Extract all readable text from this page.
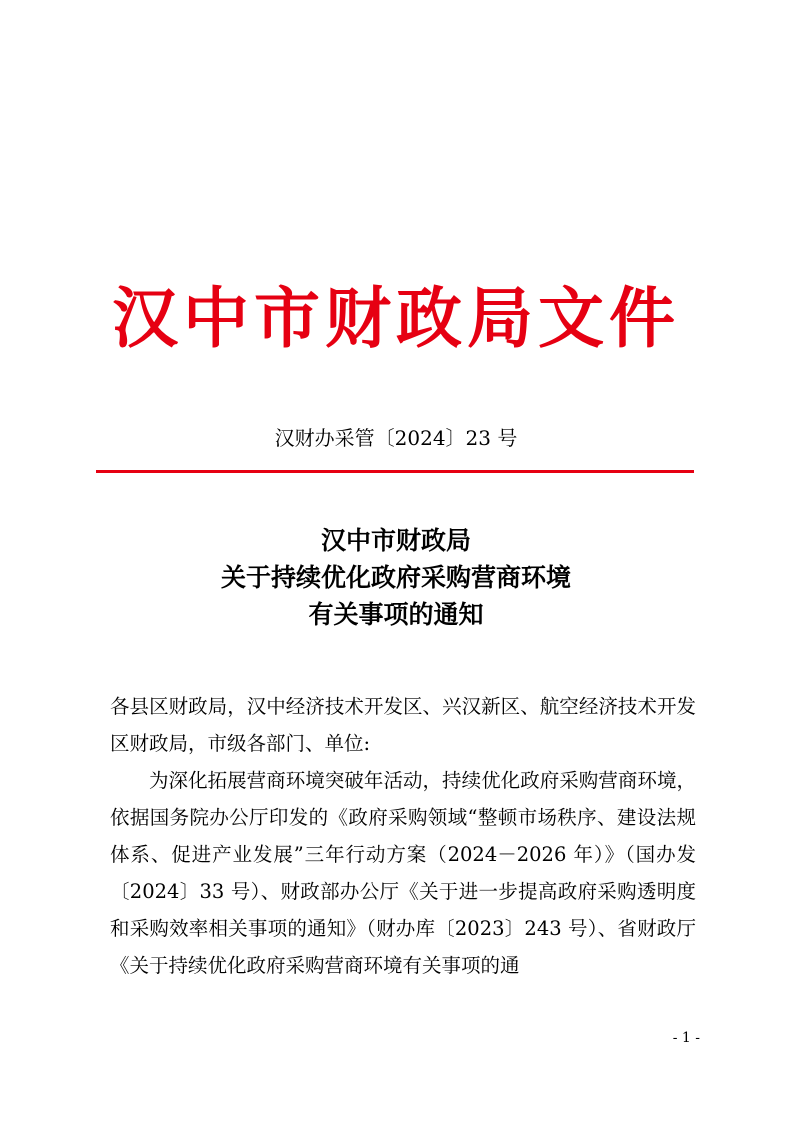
汉中市财政局文件
汉财办采管〔2024〕23 号
汉中市财政局
关于持续优化政府采购营商环境
有关事项的通知

各县区财政局，汉中经济技术开发区、兴汉新区、航空经济技术开发区财政局，市级各部门、单位:

为深化拓展营商环境突破年活动，持续优化政府采购营商环境，依据国务院办公厅印发的《政府采购领域“整顿市场秩序、建设法规体系、促进产业发展”三年行动方案（2024－2026 年）》（国办发〔2024〕33 号）、财政部办公厅《关于进一步提高政府采购透明度和采购效率相关事项的通知》（财办库〔2023〕243 号）、省财政厅《关于持续优化政府采购营商环境有关事项的通

- 1 -
